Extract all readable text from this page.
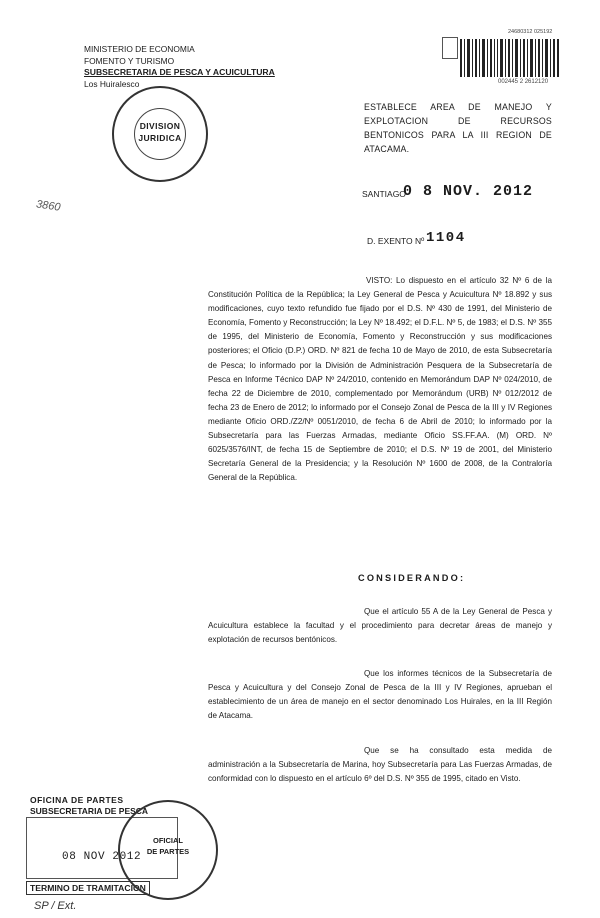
MINISTERIO DE ECONOMIA
FOMENTO Y TURISMO
SUBSECRETARIA DE PESCA Y ACUICULTURA
Los Huiralesco
DIVISION
JURIDICA
3860
24680312 025192
002445 2 2612120
ESTABLECE AREA DE MANEJO Y EXPLOTACION DE RECURSOS BENTONICOS PARA LA III REGION DE ATACAMA.
SANTIAGO
0 8 NOV. 2012
D. EXENTO Nº 1104
VISTO: Lo dispuesto en el artículo 32 Nº 6 de la Constitución Política de la República; la Ley General de Pesca y Acuicultura Nº 18.892 y sus modificaciones, cuyo texto refundido fue fijado por el D.S. Nº 430 de 1991, del Ministerio de Economía, Fomento y Reconstrucción; la Ley Nº 18.492; el D.F.L. Nº 5, de 1983; el D.S. Nº 355 de 1995, del Ministerio de Economía, Fomento y Reconstrucción y sus modificaciones posteriores; el Oficio (D.P.) ORD. Nº 821 de fecha 10 de Mayo de 2010, de esta Subsecretaría de Pesca; lo informado por la División de Administración Pesquera de la Subsecretaría de Pesca en Informe Técnico DAP Nº 24/2010, contenido en Memorándum DAP Nº 024/2010, de fecha 22 de Diciembre de 2010, complementado por Memorándum (URB) Nº 012/2012 de fecha 23 de Enero de 2012; lo informado por el Consejo Zonal de Pesca de la III y IV Regiones mediante Oficio ORD./Z2/Nº 0051/2010, de fecha 6 de Abril de 2010; lo informado por la Subsecretaría para las Fuerzas Armadas, mediante Oficio SS.FF.AA. (M) ORD. Nº 6025/3576/INT, de fecha 15 de Septiembre de 2010; el D.S. Nº 19 de 2001, del Ministerio Secretaría General de la Presidencia; y la Resolución Nº 1600 de 2008, de la Contraloría General de la República.
CONSIDERANDO:
Que el artículo 55 A de la Ley General de Pesca y Acuicultura establece la facultad y el procedimiento para decretar áreas de manejo y explotación de recursos bentónicos.
Que los informes técnicos de la Subsecretaría de Pesca y Acuicultura y del Consejo Zonal de Pesca de la III y IV Regiones, aprueban el establecimiento de un área de manejo en el sector denominado Los Huirales, en la III Región de Atacama.
Que se ha consultado esta medida de administración a la Subsecretaría de Marina, hoy Subsecretaría para Las Fuerzas Armadas, de conformidad con lo dispuesto en el artículo 6º del D.S. Nº 355 de 1995, citado en Visto.
OFICINA DE PARTES
SUBSECRETARIA DE PESCA
08 NOV 2012
TERMINO DE TRAMITACION
OFICIAL
DE PARTES
SP / Ext.
